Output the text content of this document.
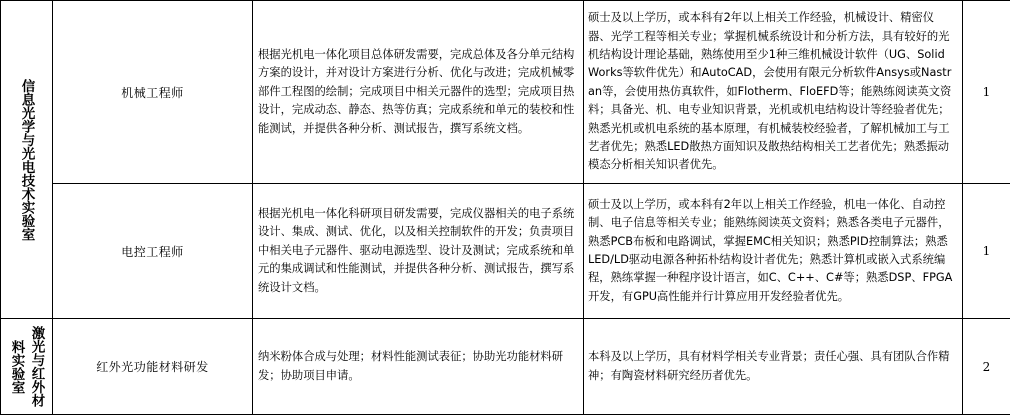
信息光学与光电技术实验室	机械工程师	根据光机电一体化项目总体研发需要，完成总体及各分单元结构方案的设计，并对设计方案进行分析、优化与改进；完成机械零部件工程图的绘制；完成项目中相关元器件的选型；完成项目热设计，完成动态、静态、热等仿真；完成系统和单元的装校和性能测试，并提供各种分析、测试报告，撰写系统文档。	硕士及以上学历，或本科有2年以上相关工作经验，机械设计、精密仪器、光学工程等相关专业；掌握机械系统设计和分析方法，具有较好的光机结构设计理论基础，熟练使用至少1种三维机械设计软件（UG、SolidWorks等软件优先）和AutoCAD，会使用有限元分析软件Ansys或Nastran等，会使用热仿真软件，如Flotherm、FloEFD等；能熟练阅读英文资料；具备光、机、电专业知识背景，光机或机电结构设计等经验者优先；熟悉光机或机电系统的基本原理，有机械装校经验者，了解机械加工与工艺者优先；熟悉LED散热方面知识及散热结构相关工艺者优先；熟悉振动模态分析相关知识者优先。	1
	电控工程师	根据光机电一体化科研项目研发需要，完成仪器相关的电子系统设计、集成、测试、优化，以及相关控制软件的开发；负责项目中相关电子元器件、驱动电源选型、设计及测试；完成系统和单元的集成调试和性能测试，并提供各种分析、测试报告，撰写系统设计文档。	硕士及以上学历，或本科有2年以上相关工作经验，机电一体化、自动控制、电子信息等相关专业；能熟练阅读英文资料；熟悉各类电子元器件，熟悉PCB布板和电路调试，掌握EMC相关知识；熟悉PID控制算法；熟悉LED/LD驱动电源各种拓朴结构设计者优先；熟悉计算机或嵌入式系统编程，熟练掌握一种程序设计语言，如C、C++、C#等；熟悉DSP、FPGA开发，有GPU高性能并行计算应用开发经验者优先。	1

激光与红外材料实验室	红外光功能材料研发	纳米粉体合成与处理；材料性能测试表征；协助光功能材料研发；协助项目申请。	本科及以上学历，具有材料学相关专业背景；责任心强、具有团队合作精神；有陶瓷材料研究经历者优先。	2
